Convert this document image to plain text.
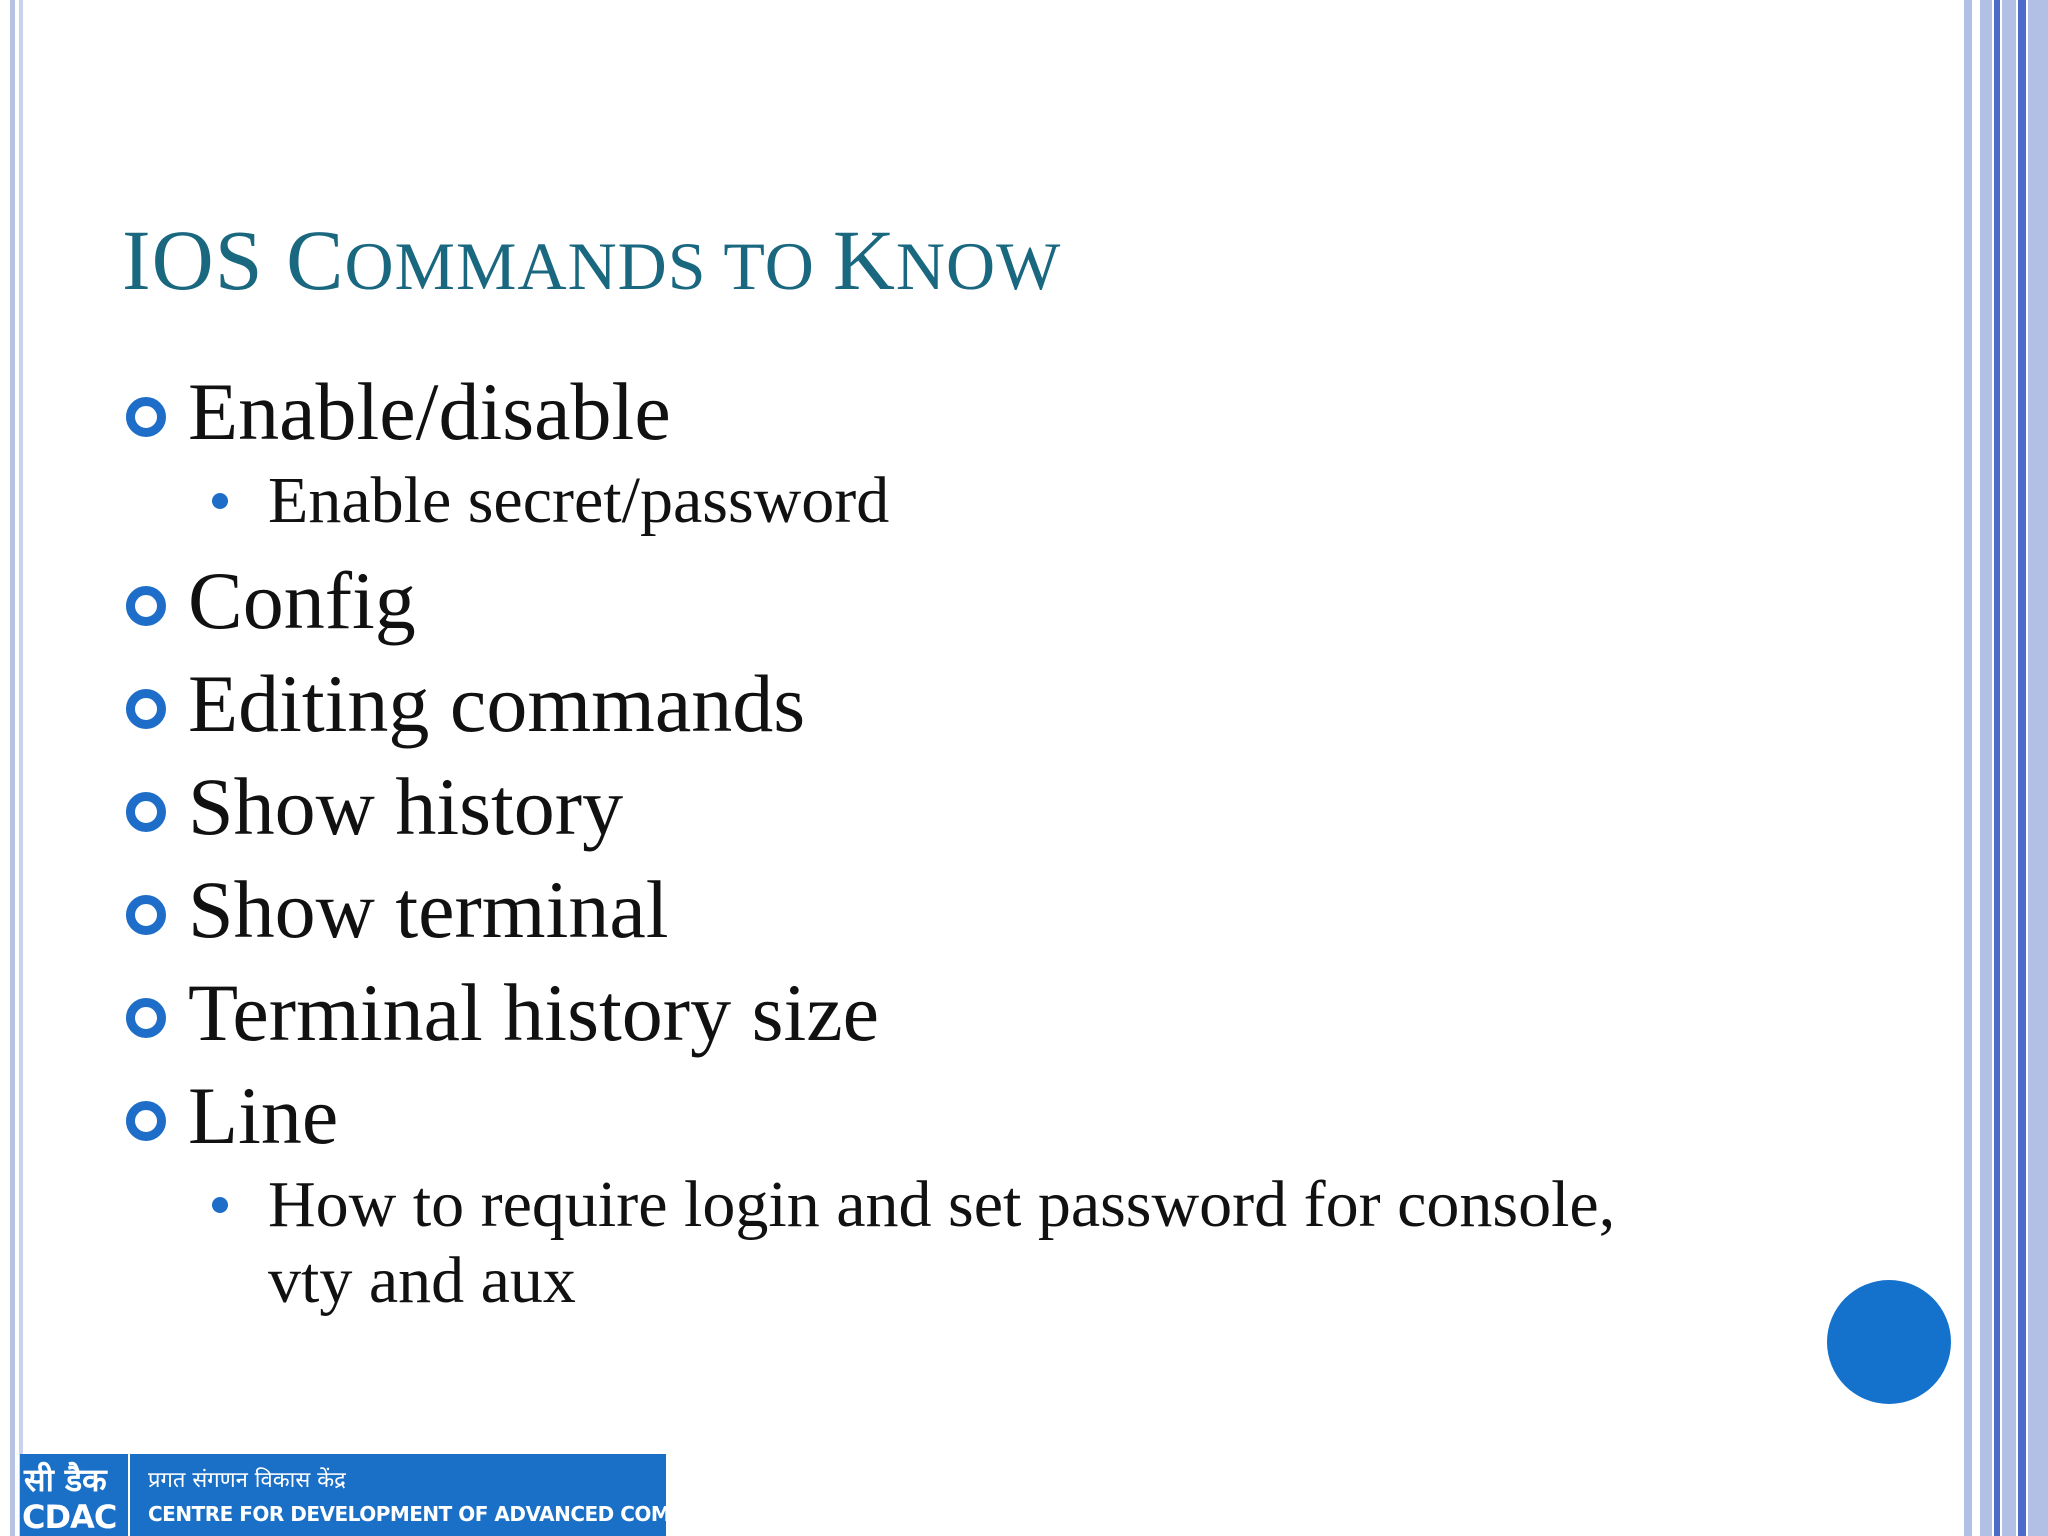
IOS COMMANDS TO KNOW
Enable/disable
Enable secret/password
Config
Editing commands
Show history
Show terminal
Terminal history size
Line
How to require login and set password for console, vty and aux
सी डैक
CDAC
प्रगत संगणन विकास केंद्र
CENTRE FOR DEVELOPMENT OF ADVANCED COMPUTING
